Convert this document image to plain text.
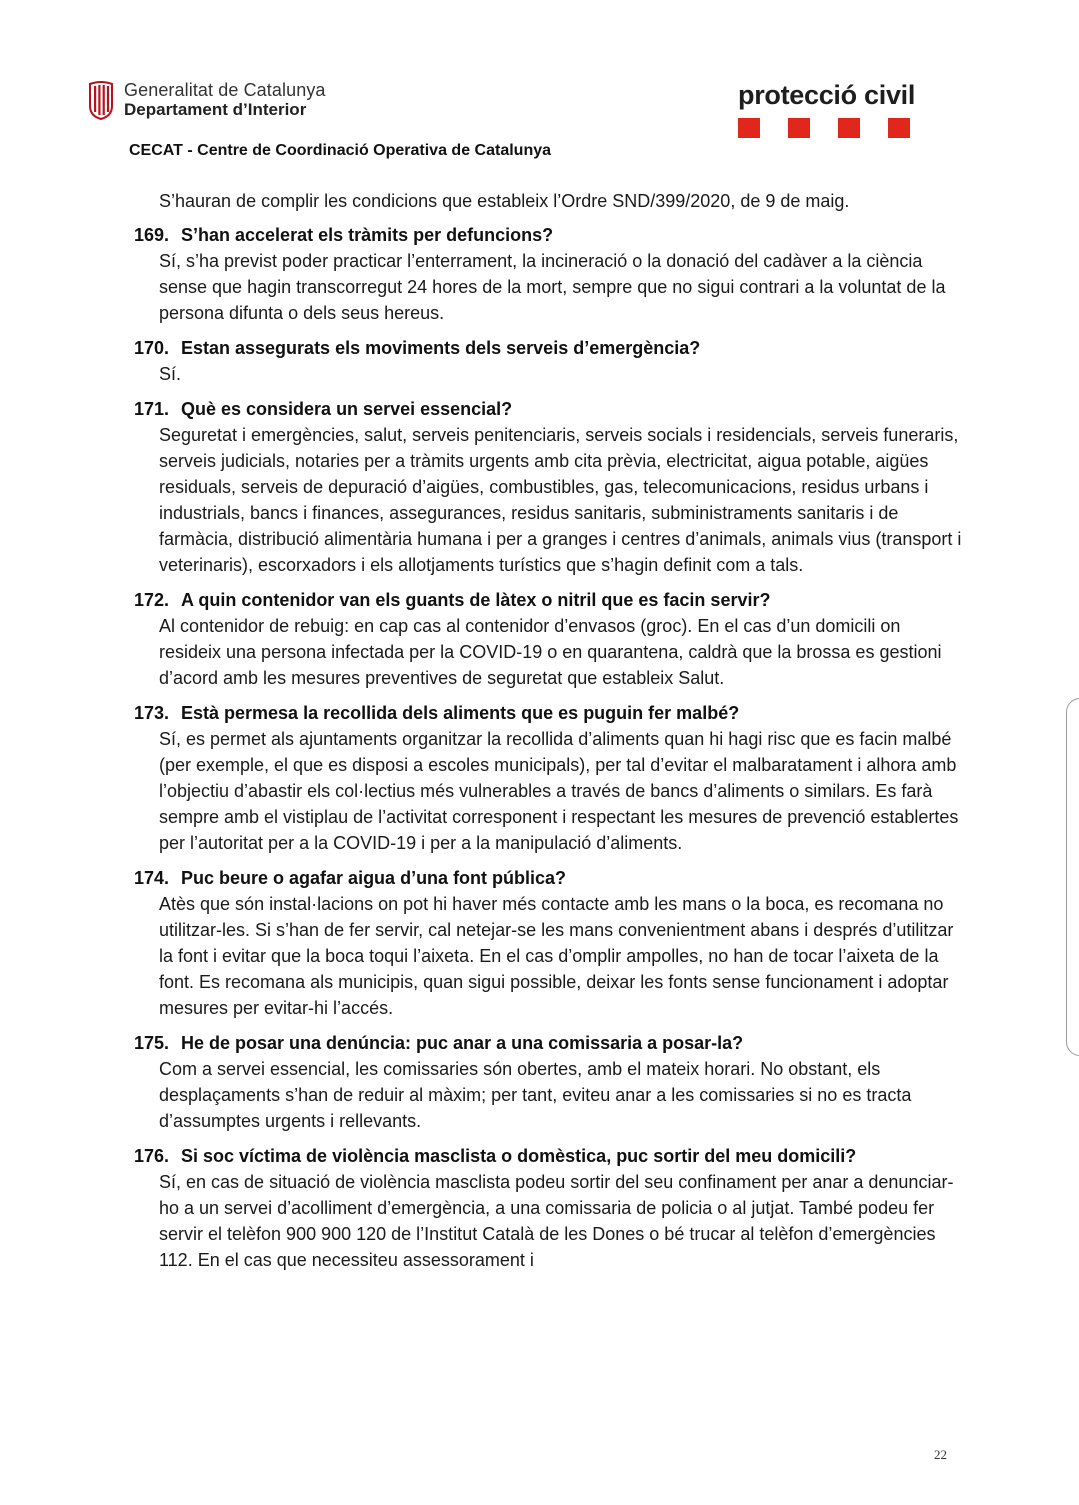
Generalitat de Catalunya
Departament d’Interior	protecció civil
CECAT - Centre de Coordinació Operativa de Catalunya
S’hauran de complir les condicions que estableix l’Ordre SND/399/2020, de 9 de maig.
169. S’han accelerat els tràmits per defuncions?
Sí, s’ha previst poder practicar l’enterrament, la incineració o la donació del cadàver a la ciència sense que hagin transcorregut 24 hores de la mort, sempre que no sigui contrari a la voluntat de la persona difunta o dels seus hereus.
170. Estan assegurats els moviments dels serveis d’emergència?
Sí.
171. Què es considera un servei essencial?
Seguretat i emergències, salut, serveis penitenciaris, serveis socials i residencials, serveis funeraris, serveis judicials, notaries per a tràmits urgents amb cita prèvia, electricitat, aigua potable, aigües residuals, serveis de depuració d’aigües, combustibles, gas, telecomunicacions, residus urbans i industrials, bancs i finances, assegurances, residus sanitaris, subministraments sanitaris i de farmàcia, distribució alimentària humana i per a granges i centres d’animals, animals vius (transport i veterinaris), escorxadors i els allotjaments turístics que s’hagin definit com a tals.
172. A quin contenidor van els guants de làtex o nitril que es facin servir?
Al contenidor de rebuig: en cap cas al contenidor d’envasos (groc). En el cas d’un domicili on resideix una persona infectada per la COVID-19 o en quarantena, caldrà que la brossa es gestioni d’acord amb les mesures preventives de seguretat que estableix Salut.
173. Està permesa la recollida dels aliments que es puguin fer malbé?
Sí, es permet als ajuntaments organitzar la recollida d’aliments quan hi hagi risc que es facin malbé (per exemple, el que es disposi a escoles municipals), per tal d’evitar el malbaratament i alhora amb l’objectiu d’abastir els col·lectius més vulnerables a través de bancs d’aliments o similars. Es farà sempre amb el vistiplau de l’activitat corresponent i respectant les mesures de prevenció establertes per l’autoritat per a la COVID-19 i per a la manipulació d’aliments.
174. Puc beure o agafar aigua d’una font pública?
Atès que són instal·lacions on pot hi haver més contacte amb les mans o la boca, es recomana no utilitzar-les. Si s’han de fer servir, cal netejar-se les mans convenientment abans i després d’utilitzar la font i evitar que la boca toqui l’aixeta. En el cas d’omplir ampolles, no han de tocar l’aixeta de la font. Es recomana als municipis, quan sigui possible, deixar les fonts sense funcionament i adoptar mesures per evitar-hi l’accés.
175. He de posar una denúncia: puc anar a una comissaria a posar-la?
Com a servei essencial, les comissaries són obertes, amb el mateix horari. No obstant, els desplaçaments s’han de reduir al màxim; per tant, eviteu anar a les comissaries si no es tracta d’assumptes urgents i rellevants.
176. Si soc víctima de violència masclista o domèstica, puc sortir del meu domicili?
Sí, en cas de situació de violència masclista podeu sortir del seu confinament per anar a denunciar-ho a un servei d’acolliment d’emergència, a una comissaria de policia o al jutjat. També podeu fer servir el telèfon 900 900 120 de l’Institut Català de les Dones o bé trucar al telèfon d’emergències 112. En el cas que necessiteu assessorament i
22
